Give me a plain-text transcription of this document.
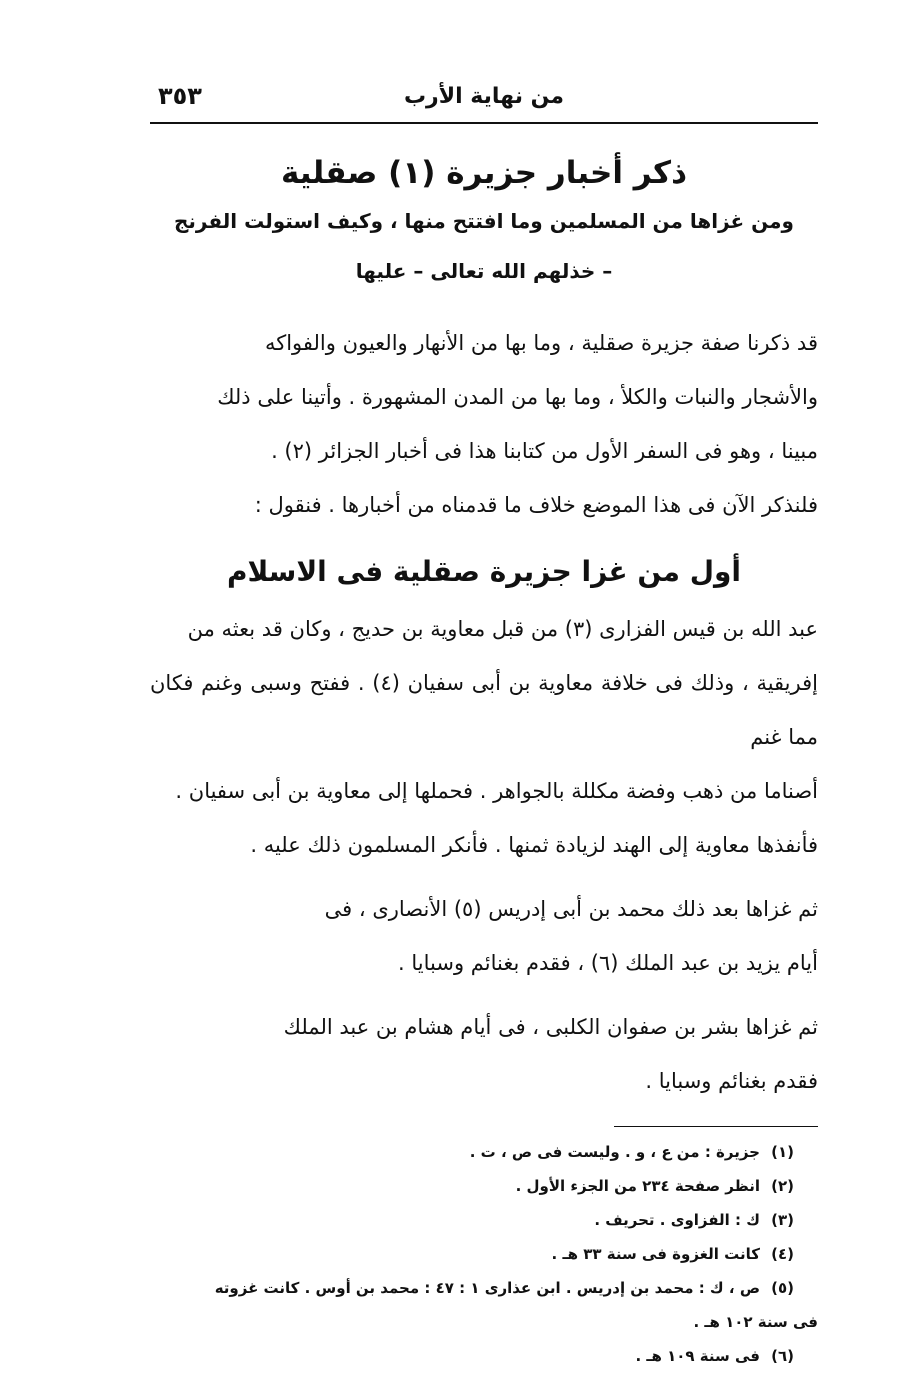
من نهاية الأرب
٣٥٣
ذكر أخبار جزيرة (١) صقلية
ومن غزاها من المسلمين وما افتتح منها ، وكيف استولت الفرنج
– خذلهم الله تعالى – عليها
قد ذكرنا صفة جزيرة صقلية ، وما بها من الأنهار والعيون والفواكه
والأشجار والنبات والكلأ ، وما بها من المدن المشهورة . وأتينا على ذلك
مبينا ، وهو فى السفر الأول من كتابنا هذا فى أخبار الجزائر (٢) .
فلنذكر الآن فى هذا الموضع خلاف ما قدمناه من أخبارها . فنقول :
أول من غزا جزيرة صقلية فى الاسلام
عبد الله بن قيس الفزارى (٣) من قبل معاوية بن حديج ، وكان قد بعثه من
إفريقية ، وذلك فى خلافة معاوية بن أبى سفيان (٤) . ففتح وسبى وغنم فكان مما غنم
أصناما من ذهب وفضة مكللة بالجواهر . فحملها إلى معاوية بن أبى سفيان .
فأنفذها معاوية إلى الهند لزيادة ثمنها . فأنكر المسلمون ذلك عليه .
ثم غزاها بعد ذلك محمد بن أبى إدريس (٥) الأنصارى ، فى
أيام يزيد بن عبد الملك (٦) ، فقدم بغنائم وسبايا .
ثم غزاها بشر بن صفوان الكلبى ، فى أيام هشام بن عبد الملك
فقدم بغنائم وسبايا .
(١)
جزيرة : من ع ، و . وليست فى ص ، ت .
(٢)
انظر صفحة ٢٣٤ من الجزء الأول .
(٣)
ك : الفزاوى . تحريف .
(٤)
كانت الغزوة فى سنة ٣٣ هـ .
(٥)
ص ، ك : محمد بن إدريس . ابن عذارى ١ : ٤٧ : محمد بن أوس . كانت غزوته
فى سنة ١٠٢ هـ .
(٦)
فى سنة ١٠٩ هـ .
